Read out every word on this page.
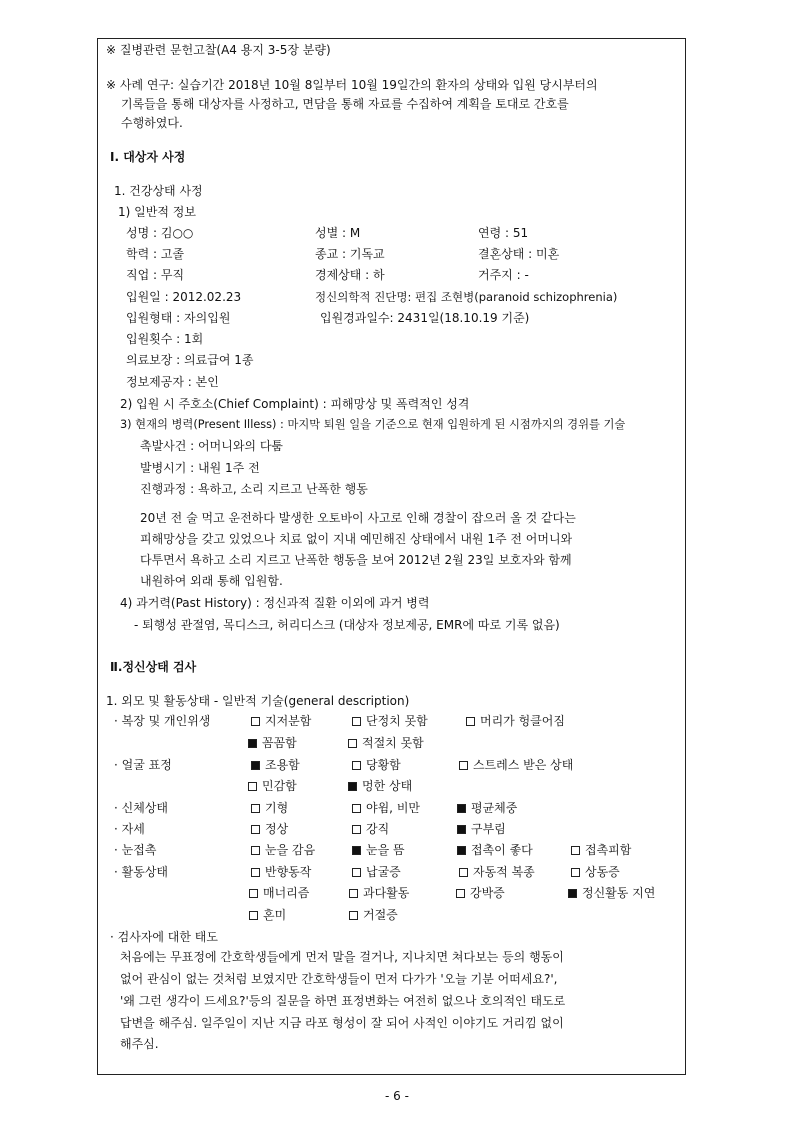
※ 질병관련 문헌고찰(A4 용지 3-5장 분량)
※ 사례 연구: 실습기간 2018년 10월 8일부터 10월 19일간의 환자의 상태와 입원 당시부터의
기록들을 통해 대상자를 사정하고, 면담을 통해 자료를 수집하여 계획을 토대로 간호를
수행하였다.
Ⅰ. 대상자 사정
1. 건강상태 사정
1) 일반적 정보
성명 : 김○○	성별 : M	연령 : 51
학력 : 고졸	종교 : 기독교	결혼상태 : 미혼
직업 : 무직	경제상태 : 하	거주지 : -
입원일 : 2012.02.23	정신의학적 진단명: 편집 조현병(paranoid schizophrenia)
입원형태 : 자의입원	입원경과일수: 2431일(18.10.19 기준)
입원횟수 : 1회
의료보장 : 의료급여 1종
정보제공자 : 본인
2) 입원 시 주호소(Chief Complaint) : 피해망상 및 폭력적인 성격
3) 현재의 병력(Present Illess) : 마지막 퇴원 일을 기준으로 현재 입원하게 된 시점까지의 경위를 기술
촉발사건 : 어머니와의 다툼
발병시기 : 내원 1주 전
진행과정 : 욕하고, 소리 지르고 난폭한 행동
20년 전 술 먹고 운전하다 발생한 오토바이 사고로 인해 경찰이 잡으러 올 것 같다는
피해망상을 갖고 있었으나 치료 없이 지내 예민해진 상태에서 내원 1주 전 어머니와
다투면서 욕하고 소리 지르고 난폭한 행동을 보여 2012년 2월 23일 보호자와 함께
내원하여 외래 통해 입원함.
4) 과거력(Past History) : 정신과적 질환 이외에 과거 병력
- 퇴행성 관절염, 목디스크, 허리디스크 (대상자 정보제공, EMR에 따로 기록 없음)
Ⅱ.정신상태 검사
1. 외모 및 활동상태 - 일반적 기술(general description)
· 복장 및 개인위생	지저분함	단정치 못함	머리가 헝클어짐
꼼꼼함	적절치 못함
· 얼굴 표정	조용함	당황함	스트레스 받은 상태
민감함	멍한 상태
· 신체상태	기형	야윔, 비만	평균체중
· 자세	정상	강직	구부림
· 눈접촉	눈을 감음	눈을 뜸	접촉이 좋다	접촉피함
· 활동상태	반향동작	납굴증	자동적 복종	상동증
매너리즘	과다활동	강박증	정신활동 지연
혼미	거절증
· 검사자에 대한 태도
처음에는 무표정에 간호학생들에게 먼저 말을 걸거나, 지나치면 쳐다보는 등의 행동이
없어 관심이 없는 것처럼 보였지만 간호학생들이 먼저 다가가 '오늘 기분 어떠세요?',
'왜 그런 생각이 드세요?'등의 질문을 하면 표정변화는 여전히 없으나 호의적인 태도로
답변을 해주심. 일주일이 지난 지금 라포 형성이 잘 되어 사적인 이야기도 거리낌 없이
해주심.
- 6 -
